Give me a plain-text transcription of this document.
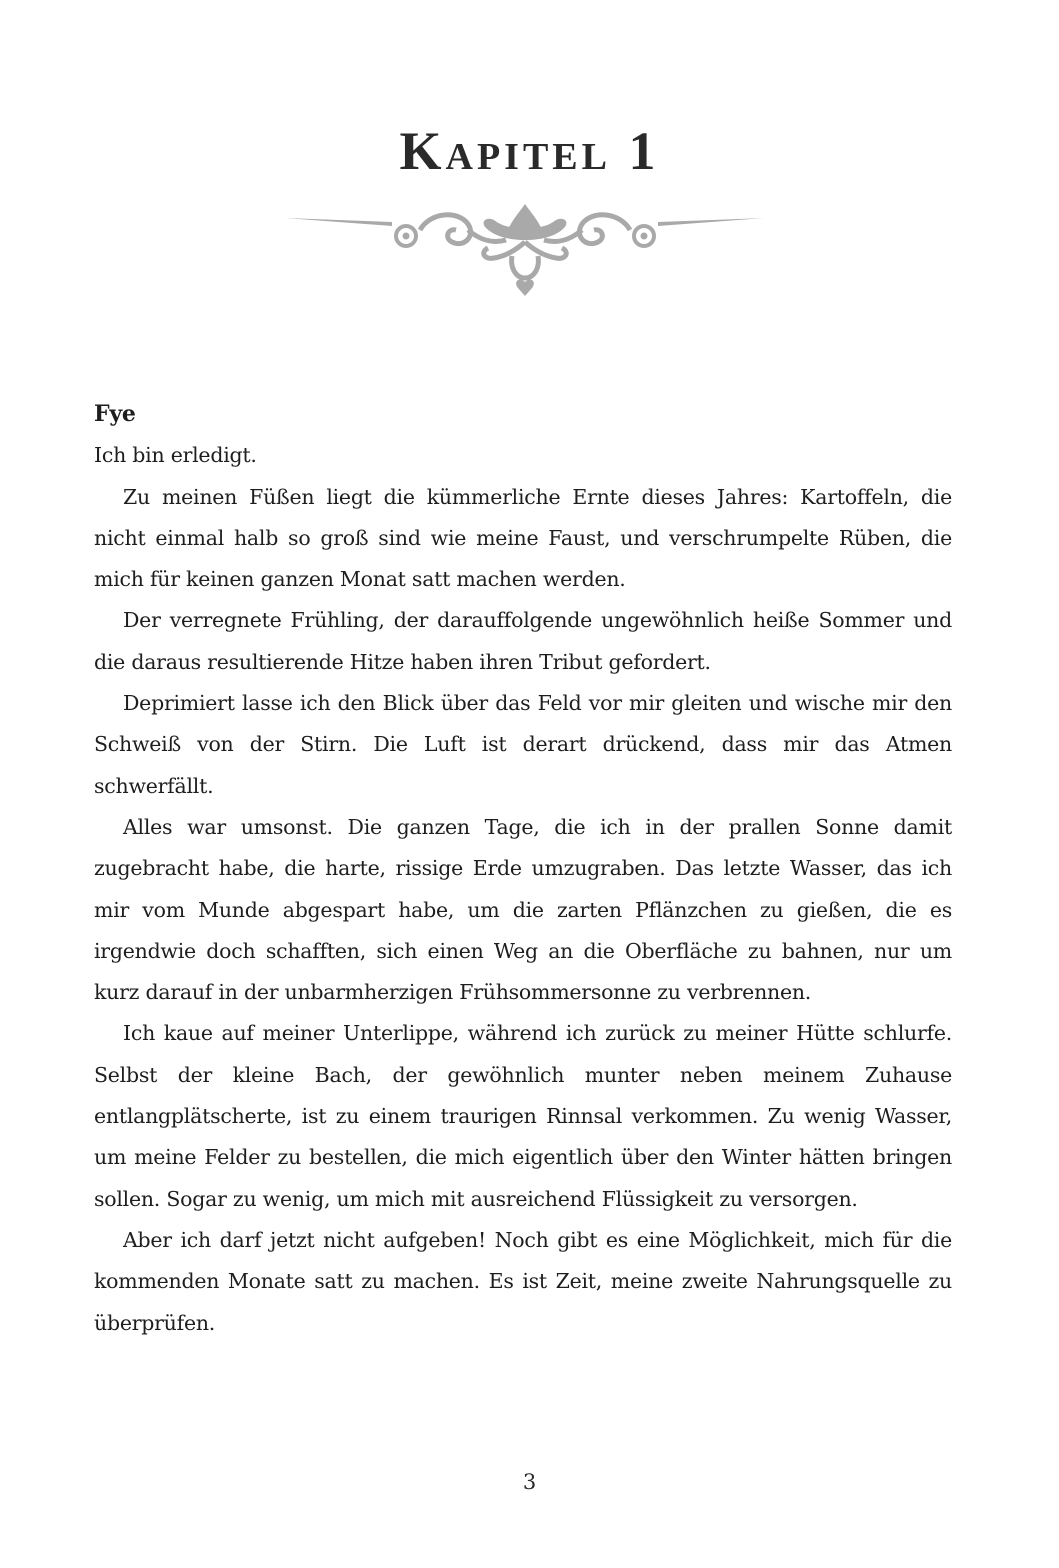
Kapitel 1
Fye

Ich bin erledigt.

Zu meinen Füßen liegt die kümmerliche Ernte dieses Jahres: Kartoffeln, die nicht einmal halb so groß sind wie meine Faust, und verschrumpelte Rüben, die mich für keinen ganzen Monat satt machen werden.

Der verregnete Frühling, der darauffolgende ungewöhnlich heiße Sommer und die daraus resultierende Hitze haben ihren Tribut gefordert.

Deprimiert lasse ich den Blick über das Feld vor mir gleiten und wische mir den Schweiß von der Stirn. Die Luft ist derart drückend, dass mir das Atmen schwerfällt.

Alles war umsonst. Die ganzen Tage, die ich in der prallen Sonne damit zugebracht habe, die harte, rissige Erde umzugraben. Das letzte Wasser, das ich mir vom Munde abgespart habe, um die zarten Pflänzchen zu gießen, die es irgendwie doch schafften, sich einen Weg an die Oberfläche zu bahnen, nur um kurz darauf in der unbarmherzigen Frühsommersonne zu verbrennen.

Ich kaue auf meiner Unterlippe, während ich zurück zu meiner Hütte schlurfe. Selbst der kleine Bach, der gewöhnlich munter neben meinem Zuhause entlangplätscherte, ist zu einem traurigen Rinnsal verkommen. Zu wenig Wasser, um meine Felder zu bestellen, die mich eigentlich über den Winter hätten bringen sollen. Sogar zu wenig, um mich mit ausreichend Flüssigkeit zu versorgen.

Aber ich darf jetzt nicht aufgeben! Noch gibt es eine Möglichkeit, mich für die kommenden Monate satt zu machen. Es ist Zeit, meine zweite Nahrungsquelle zu überprüfen.

3
